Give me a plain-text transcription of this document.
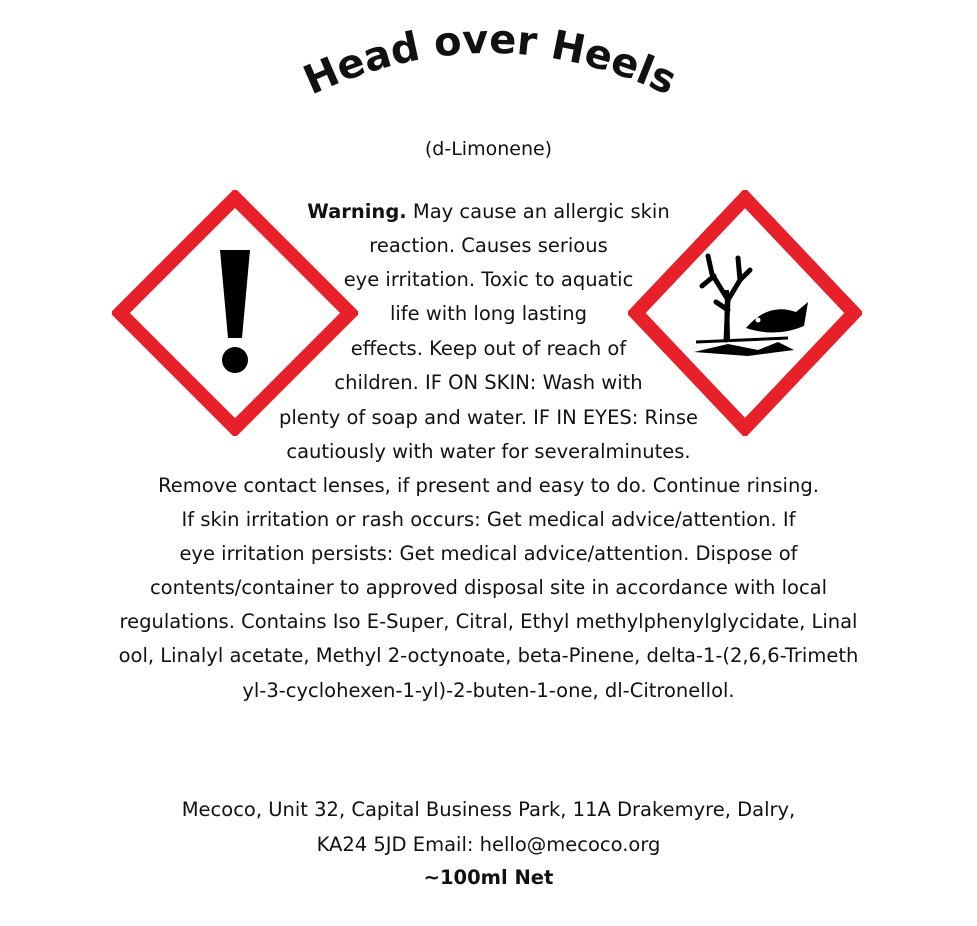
Head over Heels
(d-Limonene)
Warning. May cause an allergic skin
reaction. Causes serious
eye irritation. Toxic to aquatic
life with long lasting
effects. Keep out of reach of
children. IF ON SKIN: Wash with
plenty of soap and water. IF IN EYES: Rinse
cautiously with water for severalminutes.
Remove contact lenses, if present and easy to do. Continue rinsing.
If skin irritation or rash occurs: Get medical advice/attention. If
eye irritation persists: Get medical advice/attention. Dispose of
contents/container to approved disposal site in accordance with local
regulations. Contains Iso E-Super, Citral, Ethyl methylphenylglycidate, Linal
ool, Linalyl acetate, Methyl 2-octynoate, beta-Pinene, delta-1-(2,6,6-Trimeth
yl-3-cyclohexen-1-yl)-2-buten-1-one, dl-Citronellol.
Mecoco, Unit 32, Capital Business Park, 11A Drakemyre, Dalry,
KA24 5JD Email: hello@mecoco.org
~100ml Net
